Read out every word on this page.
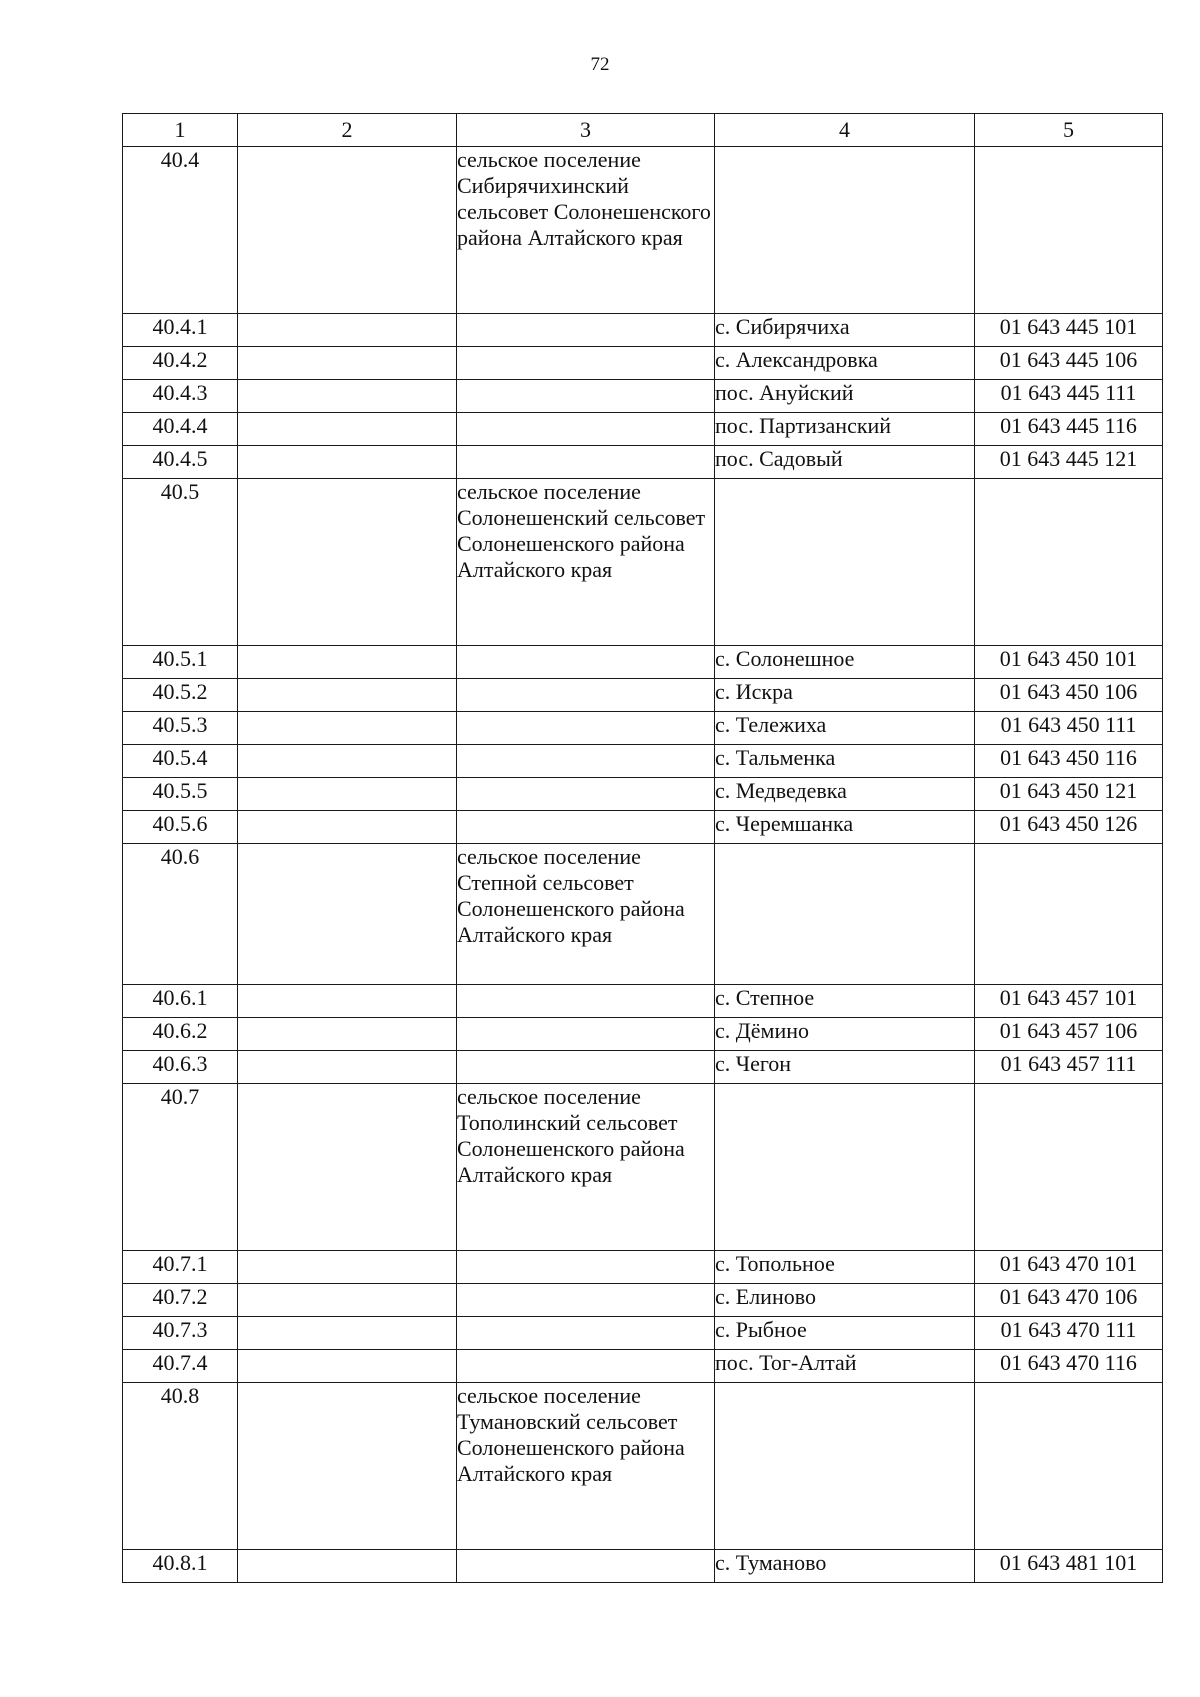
72
1	2	3	4	5
40.4		сельское поселение Сибирячихинский сельсовет Солонешенского района Алтайского края		
40.4.1			с. Сибирячиха	01 643 445 101
40.4.2			с. Александровка	01 643 445 106
40.4.3			пос. Ануйский	01 643 445 111
40.4.4			пос. Партизанский	01 643 445 116
40.4.5			пос. Садовый	01 643 445 121
40.5		сельское поселение Солонешенский сельсовет Солонешенского района Алтайского края		
40.5.1			с. Солонешное	01 643 450 101
40.5.2			с. Искра	01 643 450 106
40.5.3			с. Тележиха	01 643 450 111
40.5.4			с. Тальменка	01 643 450 116
40.5.5			с. Медведевка	01 643 450 121
40.5.6			с. Черемшанка	01 643 450 126
40.6		сельское поселение Степной сельсовет Солонешенского района Алтайского края		
40.6.1			с. Степное	01 643 457 101
40.6.2			с. Дёмино	01 643 457 106
40.6.3			с. Чегон	01 643 457 111
40.7		сельское поселение Тополинский сельсовет Солонешенского района Алтайского края		
40.7.1			с. Топольное	01 643 470 101
40.7.2			с. Елиново	01 643 470 106
40.7.3			с. Рыбное	01 643 470 111
40.7.4			пос. Тог-Алтай	01 643 470 116
40.8		сельское поселение Тумановский сельсовет Солонешенского района Алтайского края		
40.8.1			с. Туманово	01 643 481 101
